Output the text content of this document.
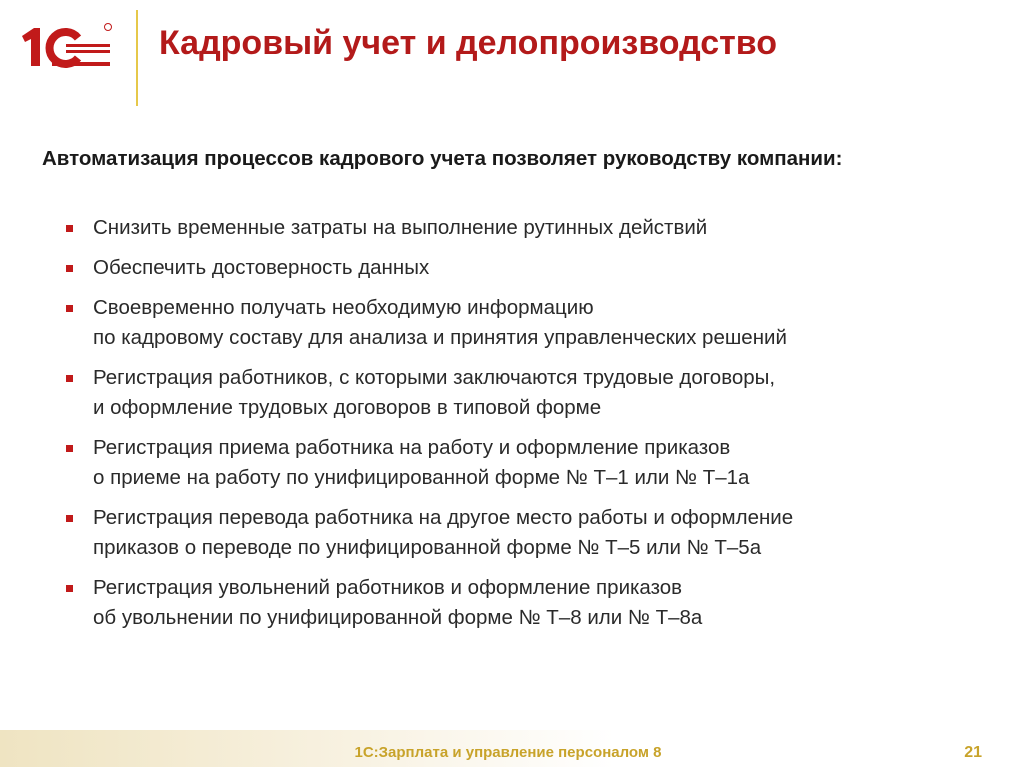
Кадровый учет и делопроизводство
Автоматизация процессов кадрового учета позволяет руководству компании:
Снизить временные затраты на выполнение рутинных действий
Обеспечить достоверность данных
Своевременно получать необходимую информацию
по кадровому составу для анализа и принятия управленческих решений
Регистрация работников, с которыми заключаются трудовые договоры,
и оформление трудовых договоров в типовой форме
Регистрация приема работника на работу и оформление приказов
о приеме на работу по унифицированной форме № Т–1 или № Т–1а
Регистрация перевода работника на другое место работы и оформление
приказов о переводе по унифицированной форме № Т–5 или № Т–5а
Регистрация увольнений работников и оформление приказов
об увольнении по унифицированной форме № Т–8 или № Т–8а
1С:Зарплата и управление персоналом 8	21
